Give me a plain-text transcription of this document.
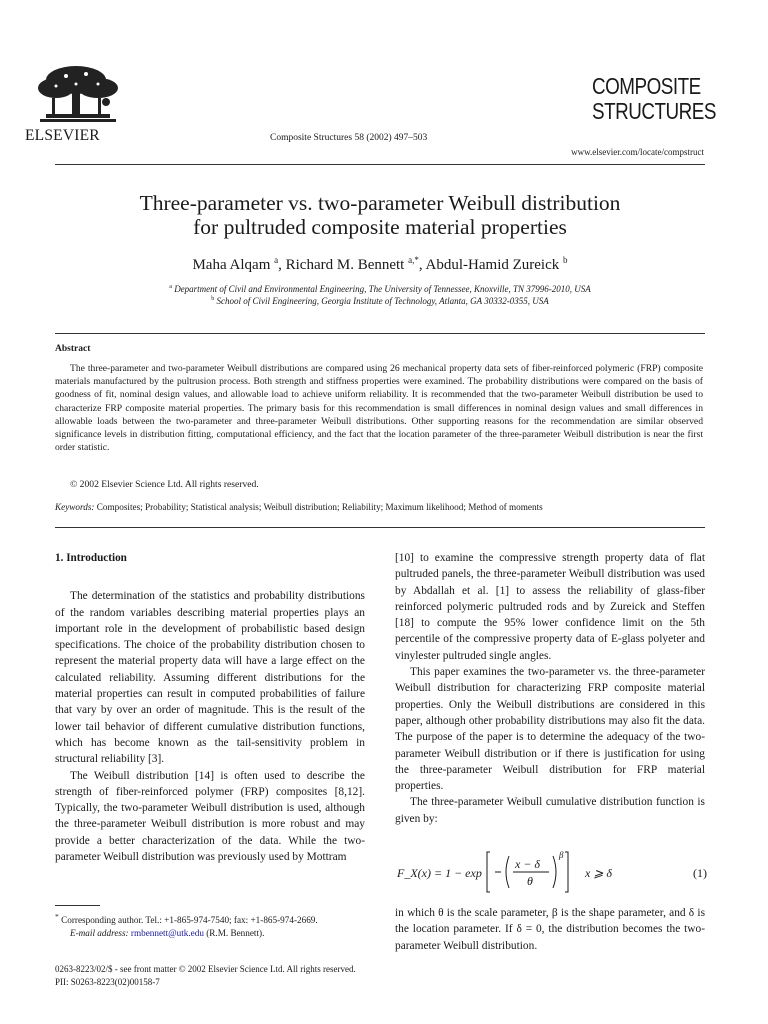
ELSEVIER	Composite Structures 58 (2002) 497–503
COMPOSITE
STRUCTURES
www.elsevier.com/locate/compstruct
Three-parameter vs. two-parameter Weibull distribution
for pultruded composite material properties
Maha Alqam $^a$, Richard M. Bennett $^{a,*}$, Abdul-Hamid Zureick $^b$
$^a$ Department of Civil and Environmental Engineering, The University of Tennessee, Knoxville, TN 37996-2010, USA
$^b$ School of Civil Engineering, Georgia Institute of Technology, Atlanta, GA 30332-0355, USA
Abstract
The three-parameter and two-parameter Weibull distributions are compared using 26 mechanical property data sets of fiber-reinforced polymeric (FRP) composite materials manufactured by the pultrusion process. Both strength and stiffness properties were examined. The probability distributions were compared on the basis of goodness of fit, nominal design values, and allowable load to achieve uniform reliability. It is recommended that the two-parameter Weibull distribution be used to characterize FRP composite material properties. The primary basis for this recommendation is small differences in nominal design values and small differences in allowable loads between the two-parameter and three-parameter Weibull distributions. Other supporting reasons for the recommendation are similar observed significance levels in distribution fitting, computational efficiency, and the fact that the location parameter of the three-parameter Weibull distribution is near the first order statistic.
© 2002 Elsevier Science Ltd. All rights reserved.
Keywords: Composites; Probability; Statistical analysis; Weibull distribution; Reliability; Maximum likelihood; Method of moments

1. Introduction

The determination of the statistics and probability distributions of the random variables describing material properties plays an important role in the development of probabilistic based design specifications. The choice of the probability distribution chosen to represent the material property data will have a large effect on the calculated reliability. Assuming different distributions for the material properties can result in computed probabilities of failure that vary by over an order of magnitude. This is the result of the lower tail behavior of different cumulative distribution functions, which has become known as the tail-sensitivity problem in structural reliability [3].

The Weibull distribution [14] is often used to describe the strength of fiber-reinforced polymer (FRP) composites [8,12]. Typically, the two-parameter Weibull distribution is used, although the three-parameter Weibull distribution is more robust and may provide a better characterization of the data. While the two-parameter Weibull distribution was previously used by Mottram

* Corresponding author. Tel.: +1-865-974-7540; fax: +1-865-974-2669.
E-mail address: rmbennett@utk.edu (R.M. Bennett).

[10] to examine the compressive strength property data of flat pultruded panels, the three-parameter Weibull distribution was used by Abdallah et al. [1] to assess the reliability of glass-fiber reinforced polymeric pultruded rods and by Zureick and Steffen [18] to compute the 95% lower confidence limit on the 5th percentile of the compressive property data of E-glass polyeter and vinylester pultruded single angles.

This paper examines the two-parameter vs. the three-parameter Weibull distribution for characterizing FRP composite material properties. Only the Weibull distributions are considered in this paper, although other probability distributions may also fit the data. The purpose of the paper is to determine the adequacy of the two-parameter Weibull distribution or if there is justification for using the three-parameter Weibull distribution for FRP material properties.

The three-parameter Weibull cumulative distribution function is given by:

F_X(x) = 1 − exp
x − δ
θ
β
x ⩾ δ	(1)
in which θ is the scale parameter, β is the shape parameter, and δ is the location parameter. If δ = 0, the distribution becomes the two-parameter Weibull distribution.
0263-8223/02/$ - see front matter © 2002 Elsevier Science Ltd. All rights reserved.
PII: S0263-8223(02)00158-7
